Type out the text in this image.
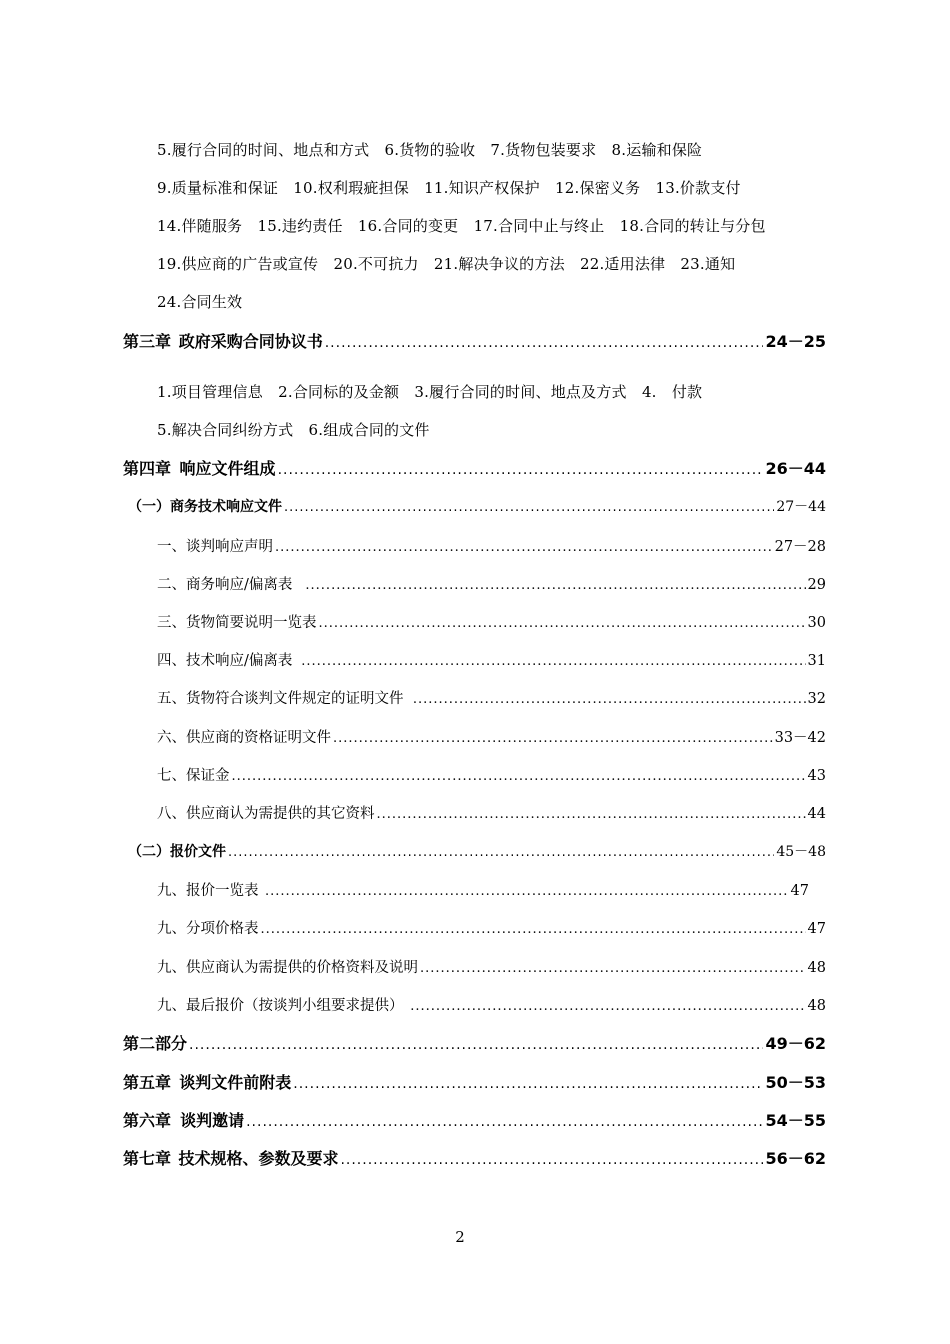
5.履行合同的时间、地点和方式　6.货物的验收　7.货物包装要求　8.运输和保险
9.质量标准和保证　10.权利瑕疵担保　11.知识产权保护　12.保密义务　13.价款支付
14.伴随服务　15.违约责任　16.合同的变更　17.合同中止与终止　18.合同的转让与分包
19.供应商的广告或宣传　20.不可抗力　21.解决争议的方法　22.适用法律　23.通知
24.合同生效
第三章 政府采购合同协议书 .....	24－25
1.项目管理信息　2.合同标的及金额　3.履行合同的时间、地点及方式　4.　付款
5.解决合同纠纷方式　6.组成合同的文件
第四章 响应文件组成 .....	26－44
（一）商务技术响应文件 .....	27－44
一、谈判响应声明 .....	27－28
二、商务响应/偏离表 .....	29
三、货物简要说明一览表 .....	30
四、技术响应/偏离表 .....	31
五、货物符合谈判文件规定的证明文件 .....	32
六、供应商的资格证明文件 .....	33－42
七、保证金 .....	43
八、供应商认为需提供的其它资料 .....	44
（二）报价文件 .....	45－48
九、报价一览表 .....	47
九、分项价格表 .....	47
九、供应商认为需提供的价格资料及说明 .....	48
九、最后报价（按谈判小组要求提供） .....	48
第二部分 .....	49－62
第五章 谈判文件前附表 .....	50－53
第六章 谈判邀请 .....	54－55
第七章 技术规格、参数及要求 .....	56－62
2
